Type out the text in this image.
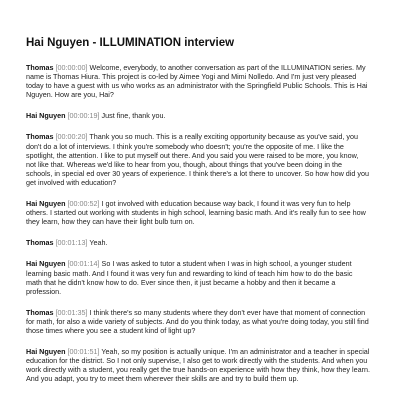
Hai Nguyen - ILLUMINATION interview

Thomas [00:00:00] Welcome, everybody, to another conversation as part of the ILLUMINATION series. My name is Thomas Hiura. This project is co-led by Aimee Yogi and Mimi Nolledo. And I'm just very pleased today to have a guest with us who works as an administrator with the Springfield Public Schools. This is Hai Nguyen. How are you, Hai?

Hai Nguyen [00:00:19] Just fine, thank you.

Thomas [00:00:20] Thank you so much. This is a really exciting opportunity because as you've said, you don't do a lot of interviews. I think you're somebody who doesn't; you're the opposite of me. I like the spotlight, the attention. I like to put myself out there. And you said you were raised to be more, you know, not like that. Whereas we'd like to hear from you, though, about things that you've been doing in the schools, in special ed over 30 years of experience. I think there's a lot there to uncover. So how how did you get involved with education?

Hai Nguyen [00:00:52] I got involved with education because way back, I found it was very fun to help others. I started out working with students in high school, learning basic math. And it's really fun to see how they learn, how they can have their light bulb turn on.

Thomas [00:01:13] Yeah.

Hai Nguyen [00:01:14] So I was asked to tutor a student when I was in high school, a younger student learning basic math. And I found it was very fun and rewarding to kind of teach him how to do the basic math that he didn't know how to do. Ever since then, it just became a hobby and then it became a profession.

Thomas [00:01:35] I think there's so many students where they don't ever have that moment of connection for math, for also a wide variety of subjects. And do you think today, as what you're doing today, you still find those times where you see a student kind of light up?

Hai Nguyen [00:01:51] Yeah, so my position is actually unique. I'm an administrator and a teacher in special education for the district. So I not only supervise, I also get to work directly with the students. And when you work directly with a student, you really get the true hands-on experience with how they think, how they learn. And you adapt, you try to meet them wherever their skills are and try to build them up.
